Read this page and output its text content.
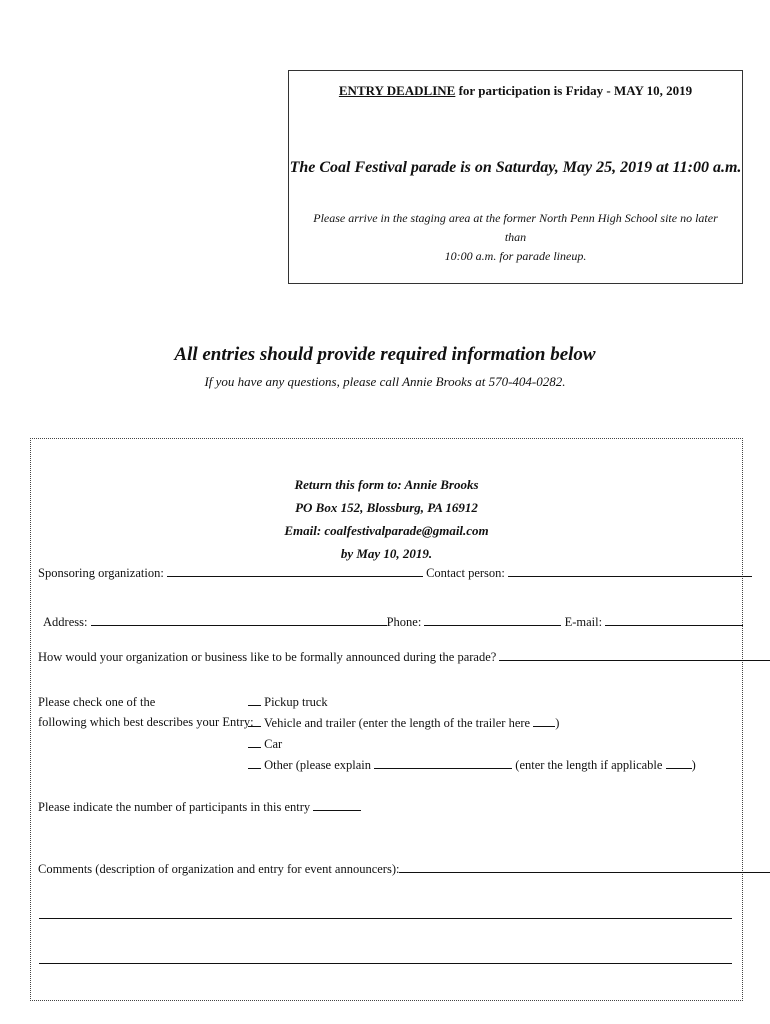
ENTRY DEADLINE for participation is Friday - MAY 10, 2019
The Coal Festival parade is on Saturday, May 25, 2019 at 11:00 a.m.
Please arrive in the staging area at the former North Penn High School site no later than
10:00 a.m. for parade lineup.
All entries should provide required information below
If you have any questions, please call Annie Brooks at 570-404-0282.
Return this form to: Annie Brooks
PO Box 152, Blossburg, PA 16912
Email: coalfestivalparade@gmail.com
by May 10, 2019.
Sponsoring organization:	Contact person:
Address:	Phone:	E-mail:
How would your organization or business like to be formally announced during the parade?
Please check one of the
following which best describes your Entry:
Pickup truck
Vehicle and trailer (enter the length of the trailer here )
Car
Other (please explain	(enter the length if applicable )
Please indicate the number of participants in this entry
Comments (description of organization and entry for event announcers):
